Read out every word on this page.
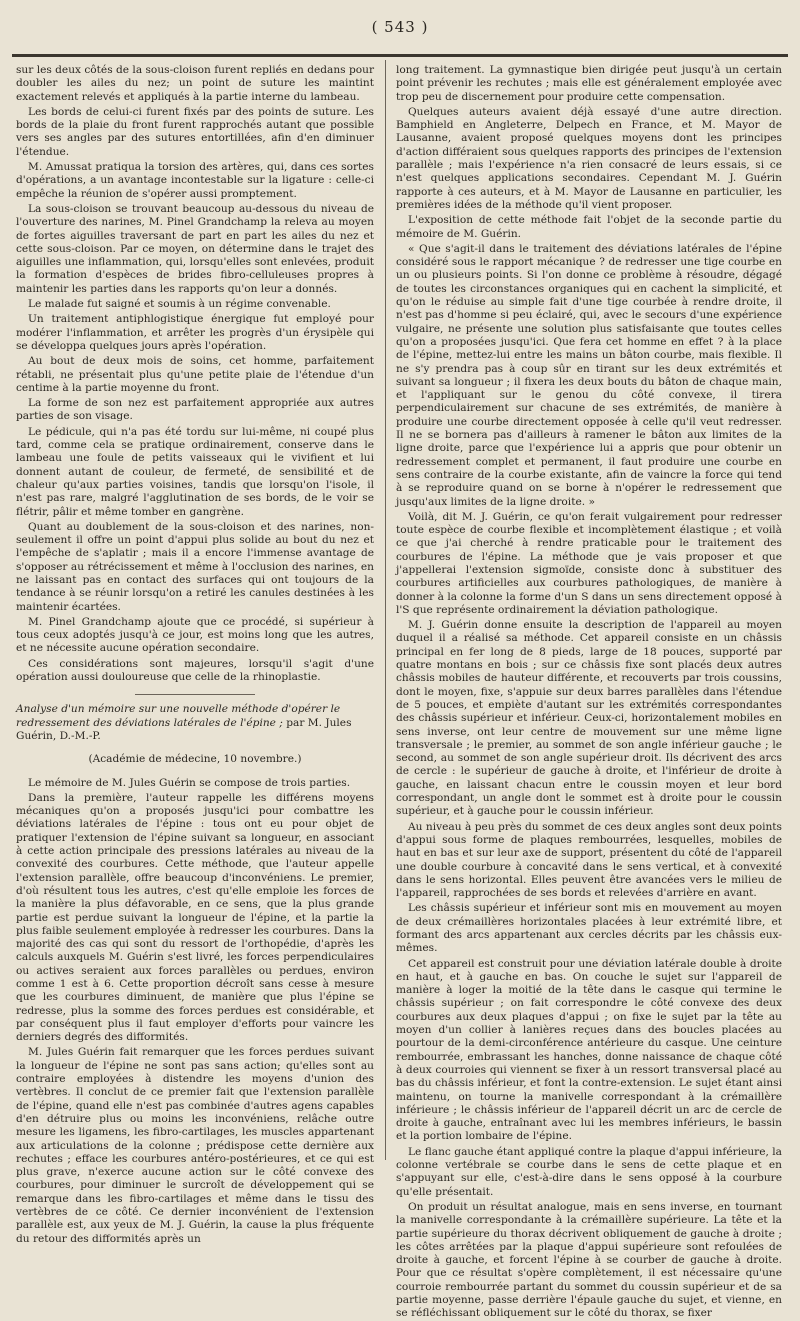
( 543 )

sur les deux côtés de la sous-cloison furent repliés en dedans pour doubler les ailes du nez; un point de suture les maintint exactement relevés et appliqués à la partie interne du lambeau.

Les bords de celui-ci furent fixés par des points de suture. Les bords de la plaie du front furent rapprochés autant que possible vers ses angles par des sutures entortillées, afin d'en diminuer l'étendue.

M. Amussat pratiqua la torsion des artères, qui, dans ces sortes d'opérations, a un avantage incontestable sur la ligature : celle-ci empêche la réunion de s'opérer aussi promptement.

La sous-cloison se trouvant beaucoup au-dessous du niveau de l'ouverture des narines, M. Pinel Grandchamp la releva au moyen de fortes aiguilles traversant de part en part les ailes du nez et cette sous-cloison. Par ce moyen, on détermine dans le trajet des aiguilles une inflammation, qui, lorsqu'elles sont enlevées, produit la formation d'espèces de brides fibro-celluleuses propres à maintenir les parties dans les rapports qu'on leur a donnés.

Le malade fut saigné et soumis à un régime convenable.

Un traitement antiphlogistique énergique fut employé pour modérer l'inflammation, et arrêter les progrès d'un érysipèle qui se développa quelques jours après l'opération.

Au bout de deux mois de soins, cet homme, parfaitement rétabli, ne présentait plus qu'une petite plaie de l'étendue d'un centime à la partie moyenne du front.

La forme de son nez est parfaitement appropriée aux autres parties de son visage.

Le pédicule, qui n'a pas été tordu sur lui-même, ni coupé plus tard, comme cela se pratique ordinairement, conserve dans le lambeau une foule de petits vaisseaux qui le vivifient et lui donnent autant de couleur, de fermeté, de sensibilité et de chaleur qu'aux parties voisines, tandis que lorsqu'on l'isole, il n'est pas rare, malgré l'agglutination de ses bords, de le voir se flétrir, pâlir et même tomber en gangrène.

Quant au doublement de la sous-cloison et des narines, non-seulement il offre un point d'appui plus solide au bout du nez et l'empêche de s'aplatir ; mais il a encore l'immense avantage de s'opposer au rétrécissement et même à l'occlusion des narines, en ne laissant pas en contact des surfaces qui ont toujours de la tendance à se réunir lorsqu'on a retiré les canules destinées à les maintenir écartées.

M. Pinel Grandchamp ajoute que ce procédé, si supérieur à tous ceux adoptés jusqu'à ce jour, est moins long que les autres, et ne nécessite aucune opération secondaire.

Ces considérations sont majeures, lorsqu'il s'agit d'une opération aussi douloureuse que celle de la rhinoplastie.

Analyse d'un mémoire sur une nouvelle méthode d'opérer le redressement des déviations latérales de l'épine ; par M. Jules Guérin, D.-M.-P.

(Académie de médecine, 10 novembre.)

Le mémoire de M. Jules Guérin se compose de trois parties.

Dans la première, l'auteur rappelle les différens moyens mécaniques qu'on a proposés jusqu'ici pour combattre les déviations latérales de l'épine : tous ont eu pour objet de pratiquer l'extension de l'épine suivant sa longueur, en associant à cette action principale des pressions latérales au niveau de la convexité des courbures. Cette méthode, que l'auteur appelle l'extension parallèle, offre beaucoup d'inconvéniens. Le premier, d'où résultent tous les autres, c'est qu'elle emploie les forces de la manière la plus défavorable, en ce sens, que la plus grande partie est perdue suivant la longueur de l'épine, et la partie la plus faible seulement employée à redresser les courbures. Dans la majorité des cas qui sont du ressort de l'orthopédie, d'après les calculs auxquels M. Guérin s'est livré, les forces perpendiculaires ou actives seraient aux forces parallèles ou perdues, environ comme 1 est à 6. Cette proportion décroît sans cesse à mesure que les courbures diminuent, de manière que plus l'épine se redresse, plus la somme des forces perdues est considérable, et par conséquent plus il faut employer d'efforts pour vaincre les derniers degrés des difformités.

M. Jules Guérin fait remarquer que les forces perdues suivant la longueur de l'épine ne sont pas sans action; qu'elles sont au contraire employées à distendre les moyens d'union des vertèbres. Il conclut de ce premier fait que l'extension parallèle de l'épine, quand elle n'est pas combinée d'autres agens capables d'en détruire plus ou moins les inconvéniens, relâche outre mesure les ligamens, les fibro-cartilages, les muscles appartenant aux articulations de la colonne ; prédispose cette dernière aux rechutes ; efface les courbures antéro-postérieures, et ce qui est plus grave, n'exerce aucune action sur le côté convexe des courbures, pour diminuer le surcroît de développement qui se remarque dans les fibro-cartilages et même dans le tissu des vertèbres de ce côté. Ce dernier inconvénient de l'extension parallèle est, aux yeux de M. J. Guérin, la cause la plus fréquente du retour des difformités après un

long traitement. La gymnastique bien dirigée peut jusqu'à un certain point prévenir les rechutes ; mais elle est généralement employée avec trop peu de discernement pour produire cette compensation.

Quelques auteurs avaient déjà essayé d'une autre direction. Bamphield en Angleterre, Delpech en France, et M. Mayor de Lausanne, avaient proposé quelques moyens dont les principes d'action différaient sous quelques rapports des principes de l'extension parallèle ; mais l'expérience n'a rien consacré de leurs essais, si ce n'est quelques applications secondaires. Cependant M. J. Guérin rapporte à ces auteurs, et à M. Mayor de Lausanne en particulier, les premières idées de la méthode qu'il vient proposer.

L'exposition de cette méthode fait l'objet de la seconde partie du mémoire de M. Guérin.

« Que s'agit-il dans le traitement des déviations latérales de l'épine considéré sous le rapport mécanique ? de redresser une tige courbe en un ou plusieurs points. Si l'on donne ce problème à résoudre, dégagé de toutes les circonstances organiques qui en cachent la simplicité, et qu'on le réduise au simple fait d'une tige courbée à rendre droite, il n'est pas d'homme si peu éclairé, qui, avec le secours d'une expérience vulgaire, ne présente une solution plus satisfaisante que toutes celles qu'on a proposées jusqu'ici. Que fera cet homme en effet ? à la place de l'épine, mettez-lui entre les mains un bâton courbe, mais flexible. Il ne s'y prendra pas à coup sûr en tirant sur les deux extrémités et suivant sa longueur ; il fixera les deux bouts du bâton de chaque main, et l'appliquant sur le genou du côté convexe, il tirera perpendiculairement sur chacune de ses extrémités, de manière à produire une courbe directement opposée à celle qu'il veut redresser. Il ne se bornera pas d'ailleurs à ramener le bâton aux limites de la ligne droite, parce que l'expérience lui a appris que pour obtenir un redressement complet et permanent, il faut produire une courbe en sens contraire de la courbe existante, afin de vaincre la force qui tend à se reproduire quand on se borne à n'opérer le redressement que jusqu'aux limites de la ligne droite. »

Voilà, dit M. J. Guérin, ce qu'on ferait vulgairement pour redresser toute espèce de courbe flexible et incomplètement élastique ; et voilà ce que j'ai cherché à rendre praticable pour le traitement des courbures de l'épine. La méthode que je vais proposer et que j'appellerai l'extension sigmoïde, consiste donc à substituer des courbures artificielles aux courbures pathologiques, de manière à donner à la colonne la forme d'un S dans un sens directement opposé à l'S que représente ordinairement la déviation pathologique.

M. J. Guérin donne ensuite la description de l'appareil au moyen duquel il a réalisé sa méthode. Cet appareil consiste en un châssis principal en fer long de 8 pieds, large de 18 pouces, supporté par quatre montans en bois ; sur ce châssis fixe sont placés deux autres châssis mobiles de hauteur différente, et recouverts par trois coussins, dont le moyen, fixe, s'appuie sur deux barres parallèles dans l'étendue de 5 pouces, et empiète d'autant sur les extrémités correspondantes des châssis supérieur et inférieur. Ceux-ci, horizontalement mobiles en sens inverse, ont leur centre de mouvement sur une même ligne transversale ; le premier, au sommet de son angle inférieur gauche ; le second, au sommet de son angle supérieur droit. Ils décrivent des arcs de cercle : le supérieur de gauche à droite, et l'inférieur de droite à gauche, en laissant chacun entre le coussin moyen et leur bord correspondant, un angle dont le sommet est à droite pour le coussin supérieur, et à gauche pour le coussin inférieur.

Au niveau à peu près du sommet de ces deux angles sont deux points d'appui sous forme de plaques rembourrées, lesquelles, mobiles de haut en bas et sur leur axe de support, présentent du côté de l'appareil une double courbure à concavité dans le sens vertical, et à convexité dans le sens horizontal. Elles peuvent être avancées vers le milieu de l'appareil, rapprochées de ses bords et relevées d'arrière en avant.

Les châssis supérieur et inférieur sont mis en mouvement au moyen de deux crémaillères horizontales placées à leur extrémité libre, et formant des arcs appartenant aux cercles décrits par les châssis eux-mêmes.

Cet appareil est construit pour une déviation latérale double à droite en haut, et à gauche en bas. On couche le sujet sur l'appareil de manière à loger la moitié de la tête dans le casque qui termine le châssis supérieur ; on fait correspondre le côté convexe des deux courbures aux deux plaques d'appui ; on fixe le sujet par la tête au moyen d'un collier à lanières reçues dans des boucles placées au pourtour de la demi-circonférence antérieure du casque. Une ceinture rembourrée, embrassant les hanches, donne naissance de chaque côté à deux courroies qui viennent se fixer à un ressort transversal placé au bas du châssis inférieur, et font la contre-extension. Le sujet étant ainsi maintenu, on tourne la manivelle correspondant à la crémaillère inférieure ; le châssis inférieur de l'appareil décrit un arc de cercle de droite à gauche, entraînant avec lui les membres inférieurs, le bassin et la portion lombaire de l'épine.

Le flanc gauche étant appliqué contre la plaque d'appui inférieure, la colonne vertébrale se courbe dans le sens de cette plaque et en s'appuyant sur elle, c'est-à-dire dans le sens opposé à la courbure qu'elle présentait.

On produit un résultat analogue, mais en sens inverse, en tournant la manivelle correspondante à la crémaillère supérieure. La tête et la partie supérieure du thorax décrivent obliquement de gauche à droite ; les côtes arrêtées par la plaque d'appui supérieure sont refoulées de droite à gauche, et forcent l'épine à se courber de gauche à droite. Pour que ce résultat s'opère complètement, il est nécessaire qu'une courroie rembourrée partant du sommet du coussin supérieur et de sa partie moyenne, passe derrière l'épaule gauche du sujet, et vienne, en se réfléchissant obliquement sur le côté du thorax, se fixer
